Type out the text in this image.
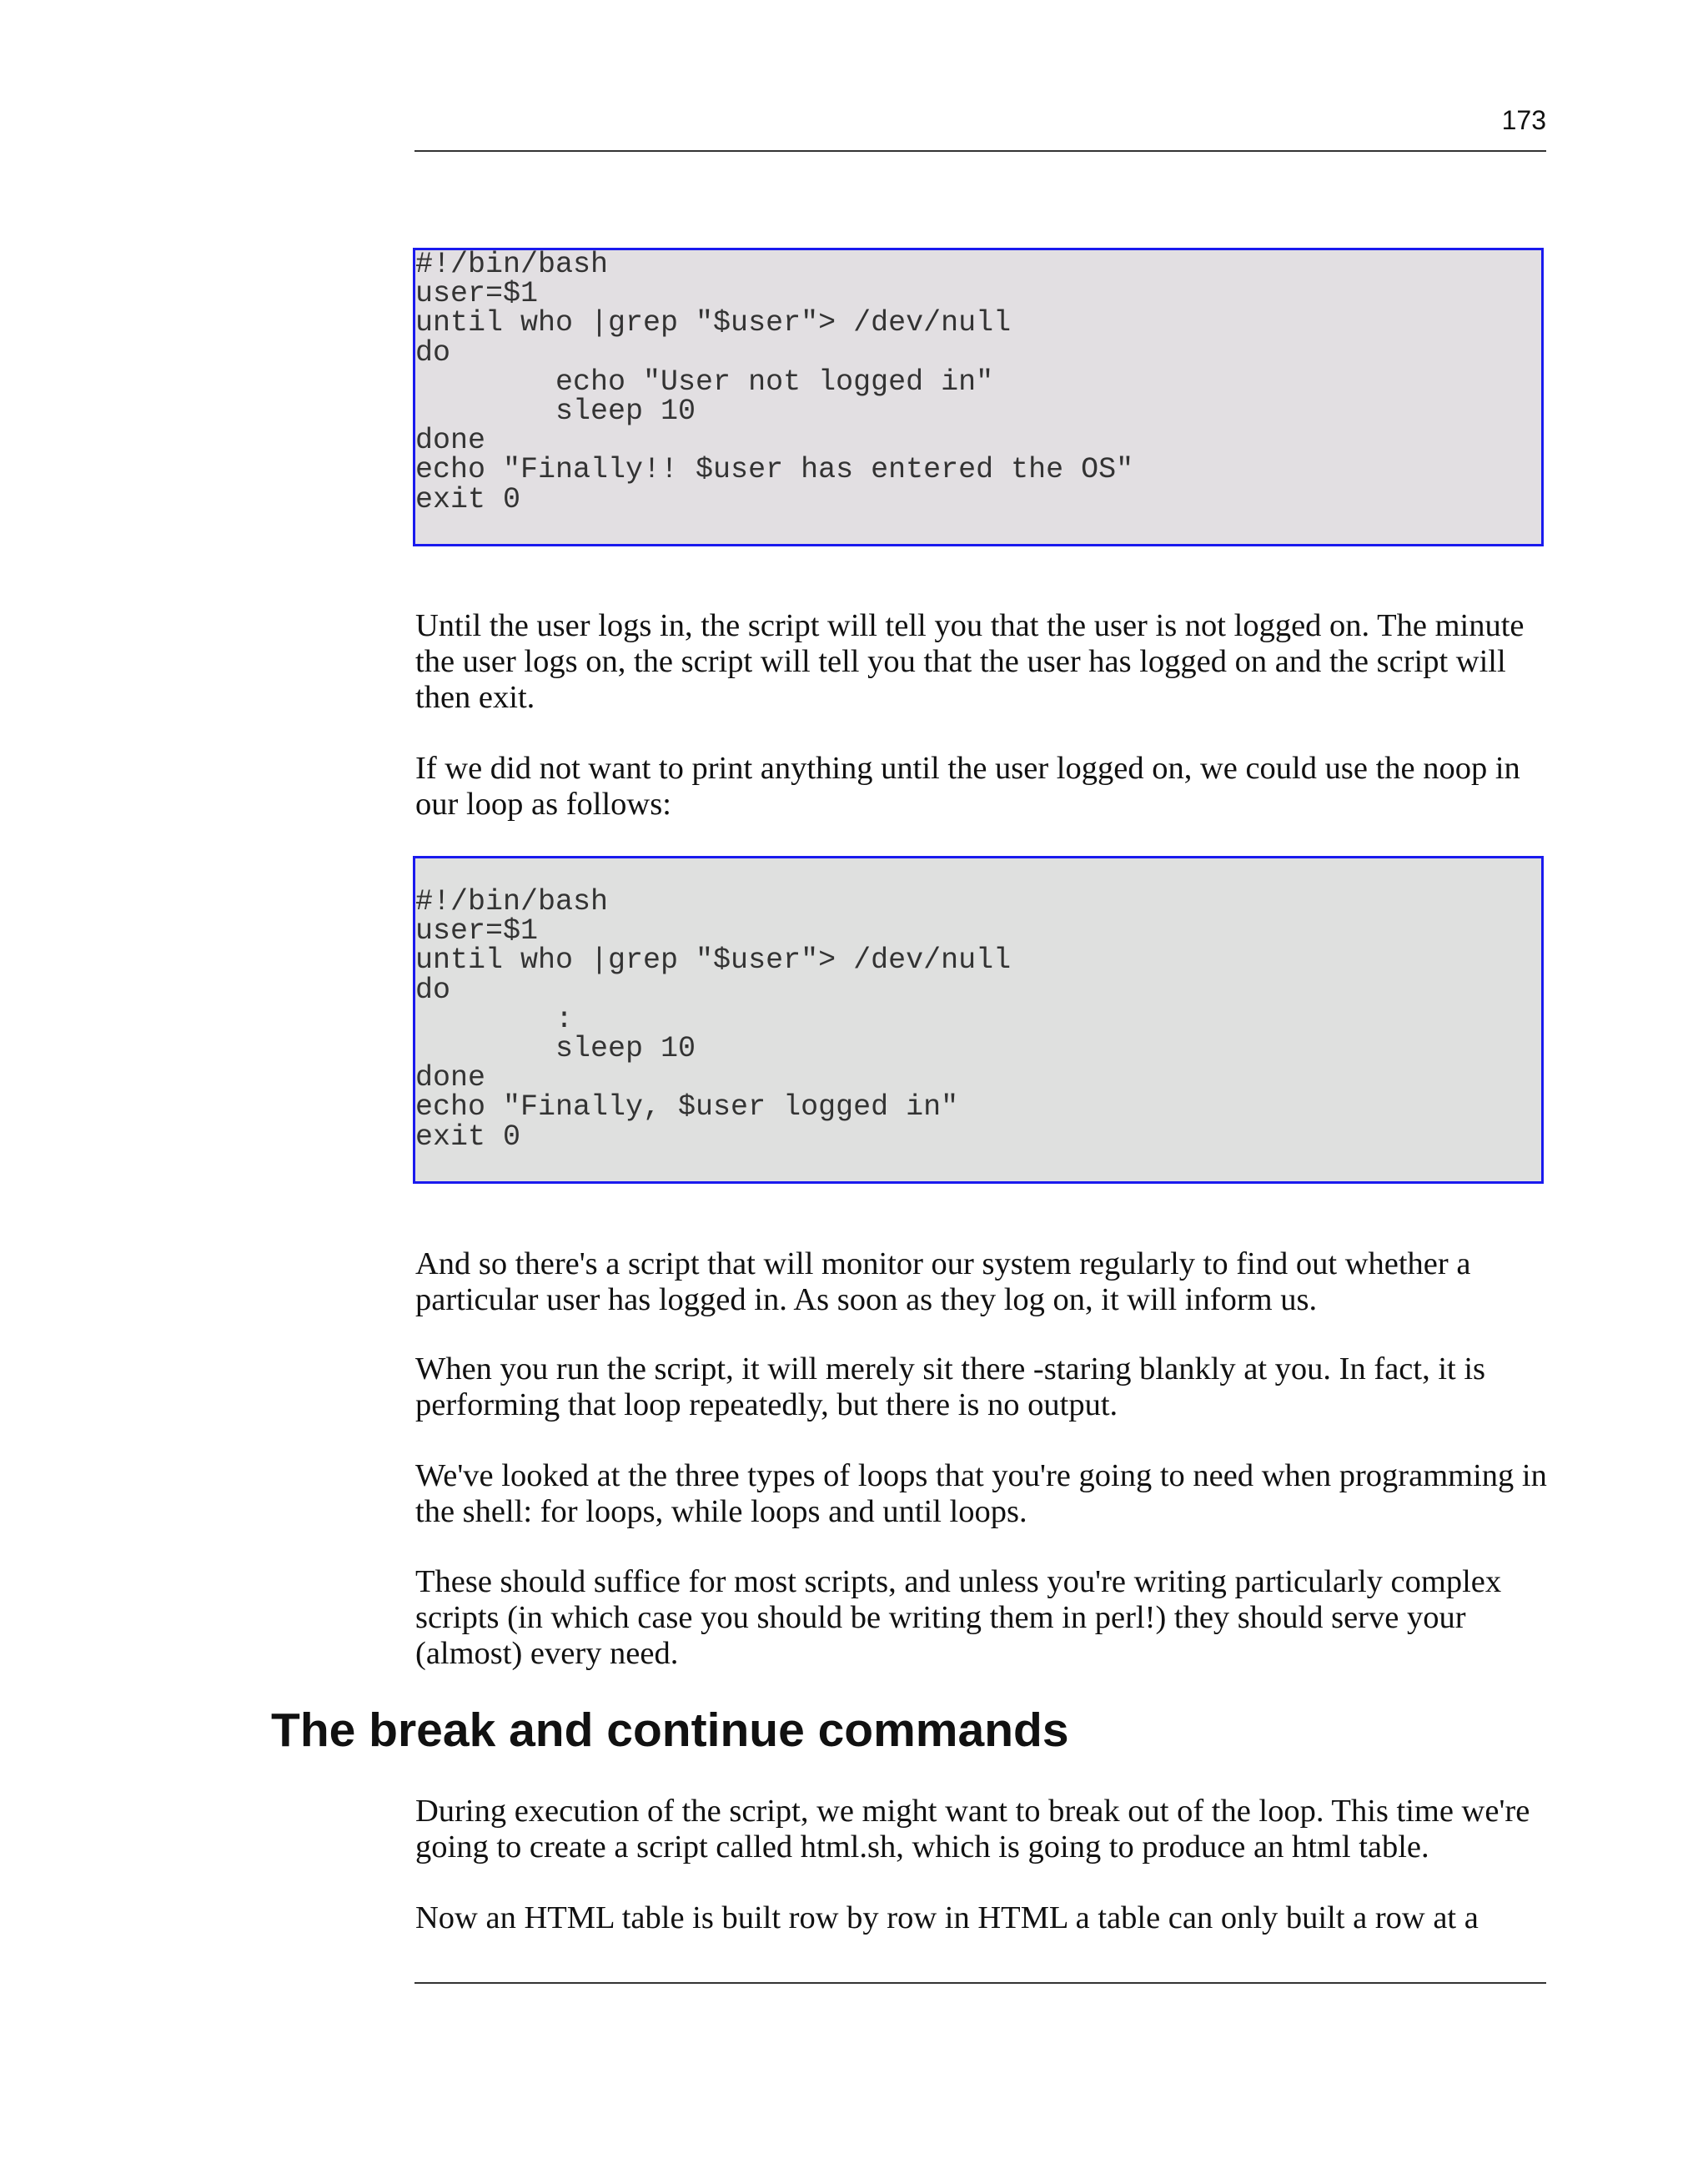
173
#!/bin/bash
user=$1
until who |grep "$user"> /dev/null
do
echo "User not logged in"
sleep 10
done
echo "Finally!! $user has entered the OS"
exit 0

Until the user logs in, the script will tell you that the user is not logged on. The minute the user logs on, the script will tell you that the user has logged on and the script will then exit.

If we did not want to print anything until the user logged on, we could use the noop in our loop as follows:

#!/bin/bash
user=$1
until who |grep "$user"> /dev/null
do
:
sleep 10
done
echo "Finally, $user logged in"
exit 0

And so there's a script that will monitor our system regularly to find out whether a particular user has logged in. As soon as they log on, it will inform us.

When you run the script, it will merely sit there -staring blankly at you. In fact, it is performing that loop repeatedly, but there is no output.

We've looked at the three types of loops that you're going to need when programming in the shell: for loops, while loops and until loops.

These should suffice for most scripts, and unless you're writing particularly complex scripts (in which case you should be writing them in perl!) they should serve your (almost) every need.

The break and continue commands

During execution of the script, we might want to break out of the loop. This time we're going to create a script called html.sh, which is going to produce an html table.

Now an HTML table is built row by row in HTML a table can only built a row at a
